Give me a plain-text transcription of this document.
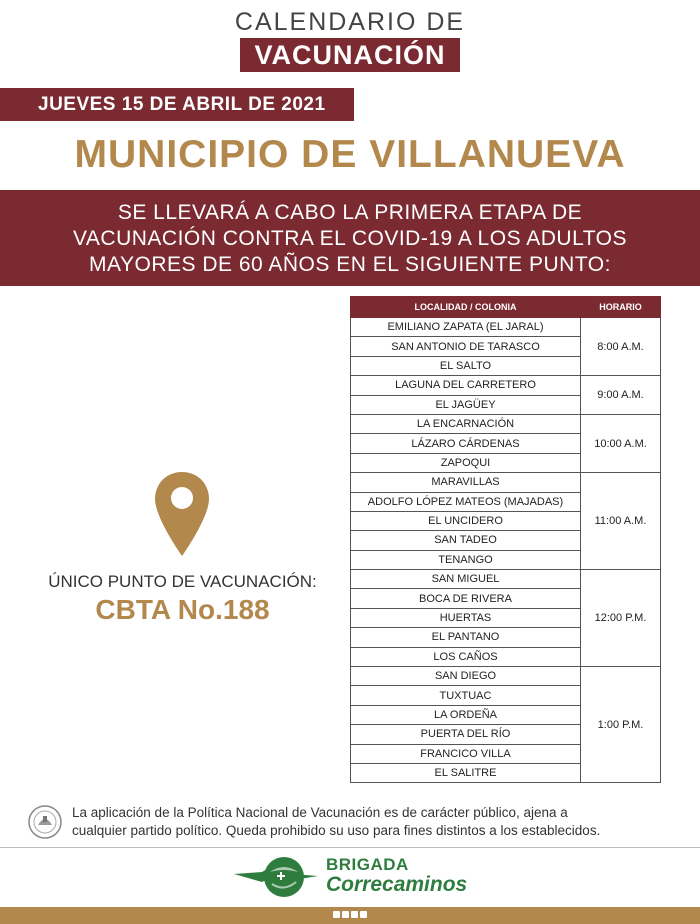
CALENDARIO DE
VACUNACIÓN
JUEVES 15 DE ABRIL DE 2021
MUNICIPIO DE VILLANUEVA
SE LLEVARÁ A CABO LA PRIMERA ETAPA DE
VACUNACIÓN CONTRA EL COVID-19 A LOS ADULTOS
MAYORES DE 60 AÑOS EN EL SIGUIENTE PUNTO:
ÚNICO PUNTO DE VACUNACIÓN:
CBTA No.188
LOCALIDAD / COLONIA	HORARIO
EMILIANO ZAPATA (EL JARAL)	8:00 A.M.
SAN ANTONIO DE TARASCO	
EL SALTO	
LAGUNA DEL CARRETERO	9:00 A.M.
EL JAGÜEY	
LA ENCARNACIÓN	10:00 A.M.
LÁZARO CÁRDENAS	
ZAPOQUI	
MARAVILLAS	11:00 A.M.
ADOLFO LÓPEZ MATEOS (MAJADAS)	
EL UNCIDERO	
SAN TADEO	
TENANGO	
SAN MIGUEL	12:00 P.M.
BOCA DE RIVERA	
HUERTAS	
EL PANTANO	
LOS CAÑOS	
SAN DIEGO	1:00 P.M.
TUXTUAC	
LA ORDEÑA	
PUERTA DEL RÍO	
FRANCICO VILLA	
EL SALITRE	
La aplicación de la Política Nacional de Vacunación es de carácter público, ajena a
cualquier partido político. Queda prohibido su uso para fines distintos a los establecidos.
BRIGADA
Correcaminos
